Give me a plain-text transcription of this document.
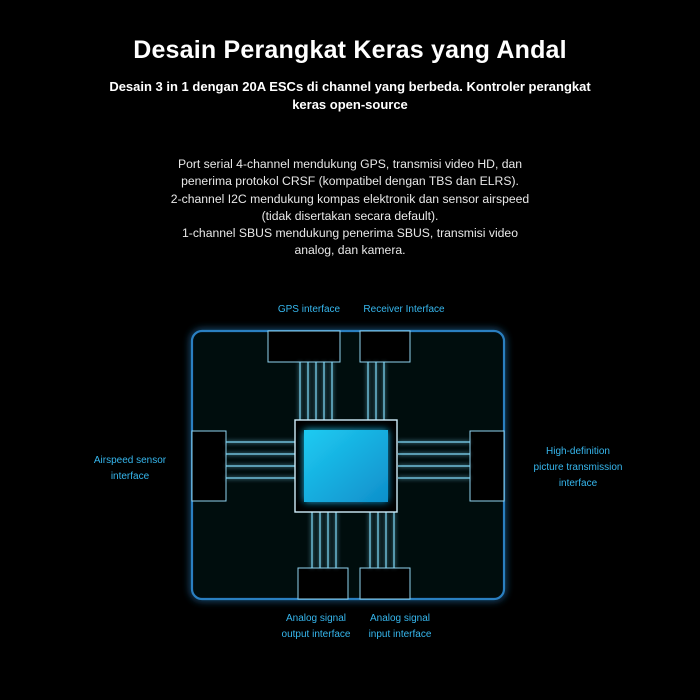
Desain Perangkat Keras yang Andal
Desain 3 in 1 dengan 20A ESCs di channel yang berbeda. Kontroler perangkat
keras open-source
Port serial 4-channel mendukung GPS, transmisi video HD, dan
penerima protokol CRSF (kompatibel dengan TBS dan ELRS).
2-channel I2C mendukung kompas elektronik dan sensor airspeed
(tidak disertakan secara default).
1-channel SBUS mendukung penerima SBUS, transmisi video
analog, dan kamera.
GPS interface	Receiver Interface
Airspeed sensor
interface
High-definition
picture transmission
interface
Analog signal
output interface
Analog signal
input interface
